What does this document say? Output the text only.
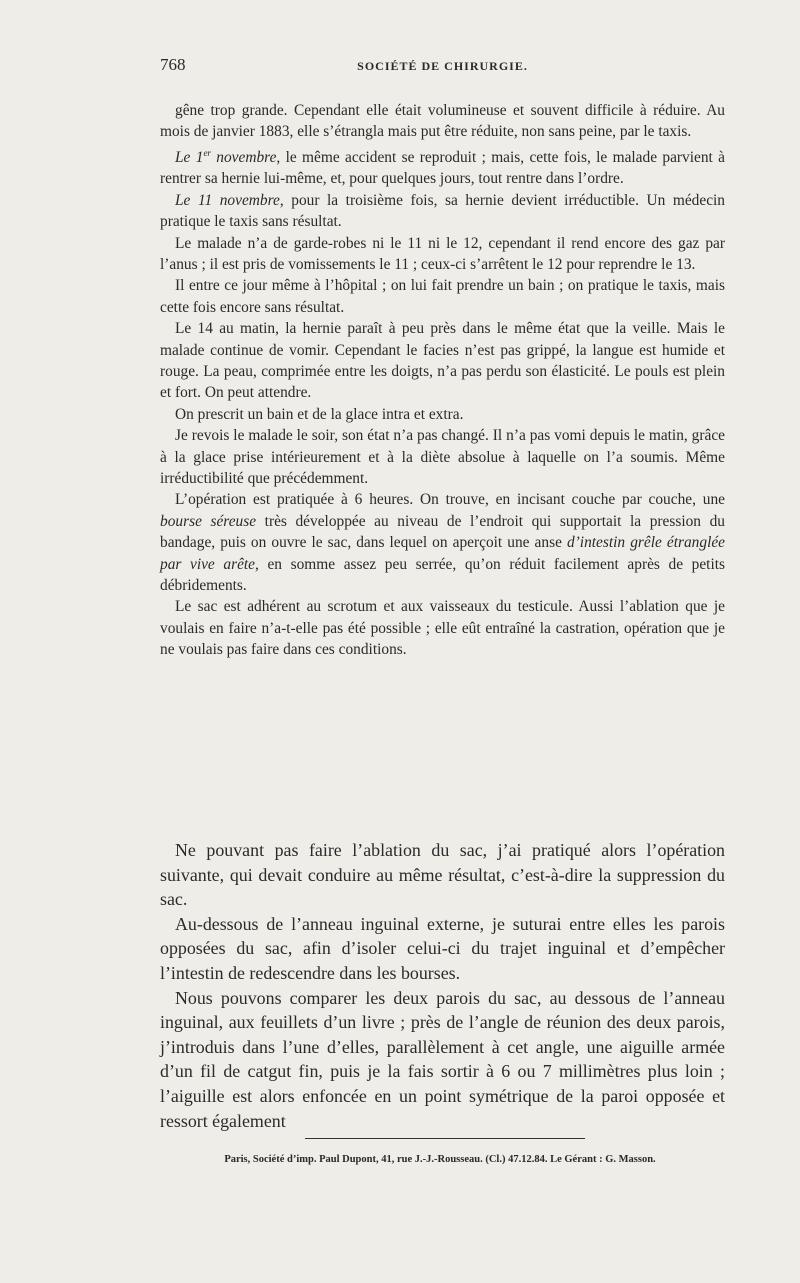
768	SOCIÉTÉ DE CHIRURGIE.

gêne trop grande. Cependant elle était volumineuse et souvent difficile à réduire. Au mois de janvier 1883, elle s’étrangla mais put être réduite, non sans peine, par le taxis.

Le 1er novembre, le même accident se reproduit ; mais, cette fois, le malade parvient à rentrer sa hernie lui-même, et, pour quelques jours, tout rentre dans l’ordre.

Le 11 novembre, pour la troisième fois, sa hernie devient irréductible. Un médecin pratique le taxis sans résultat.

Le malade n’a de garde-robes ni le 11 ni le 12, cependant il rend encore des gaz par l’anus ; il est pris de vomissements le 11 ; ceux-ci s’arrêtent le 12 pour reprendre le 13.

Il entre ce jour même à l’hôpital ; on lui fait prendre un bain ; on pratique le taxis, mais cette fois encore sans résultat.

Le 14 au matin, la hernie paraît à peu près dans le même état que la veille. Mais le malade continue de vomir. Cependant le facies n’est pas grippé, la langue est humide et rouge. La peau, comprimée entre les doigts, n’a pas perdu son élasticité. Le pouls est plein et fort. On peut attendre.

On prescrit un bain et de la glace intra et extra.

Je revois le malade le soir, son état n’a pas changé. Il n’a pas vomi depuis le matin, grâce à la glace prise intérieurement et à la diète absolue à laquelle on l’a soumis. Même irréductibilité que précédemment.

L’opération est pratiquée à 6 heures. On trouve, en incisant couche par couche, une bourse séreuse très développée au niveau de l’endroit qui supportait la pression du bandage, puis on ouvre le sac, dans lequel on aperçoit une anse d’intestin grêle étranglée par vive arête, en somme assez peu serrée, qu’on réduit facilement après de petits débridements.

Le sac est adhérent au scrotum et aux vaisseaux du testicule. Aussi l’ablation que je voulais en faire n’a-t-elle pas été possible ; elle eût entraîné la castration, opération que je ne voulais pas faire dans ces conditions.

Ne pouvant pas faire l’ablation du sac, j’ai pratiqué alors l’opération suivante, qui devait conduire au même résultat, c’est-à-dire la suppression du sac.

Au-dessous de l’anneau inguinal externe, je suturai entre elles les parois opposées du sac, afin d’isoler celui-ci du trajet inguinal et d’empêcher l’intestin de redescendre dans les bourses.

Nous pouvons comparer les deux parois du sac, au dessous de l’anneau inguinal, aux feuillets d’un livre ; près de l’angle de réunion des deux parois, j’introduis dans l’une d’elles, parallèlement à cet angle, une aiguille armée d’un fil de catgut fin, puis je la fais sortir à 6 ou 7 millimètres plus loin ; l’aiguille est alors enfoncée en un point symétrique de la paroi opposée et ressort également

Paris, Société d’imp. Paul Dupont, 41, rue J.-J.-Rousseau. (Cl.) 47.12.84. Le Gérant : G. Masson.
